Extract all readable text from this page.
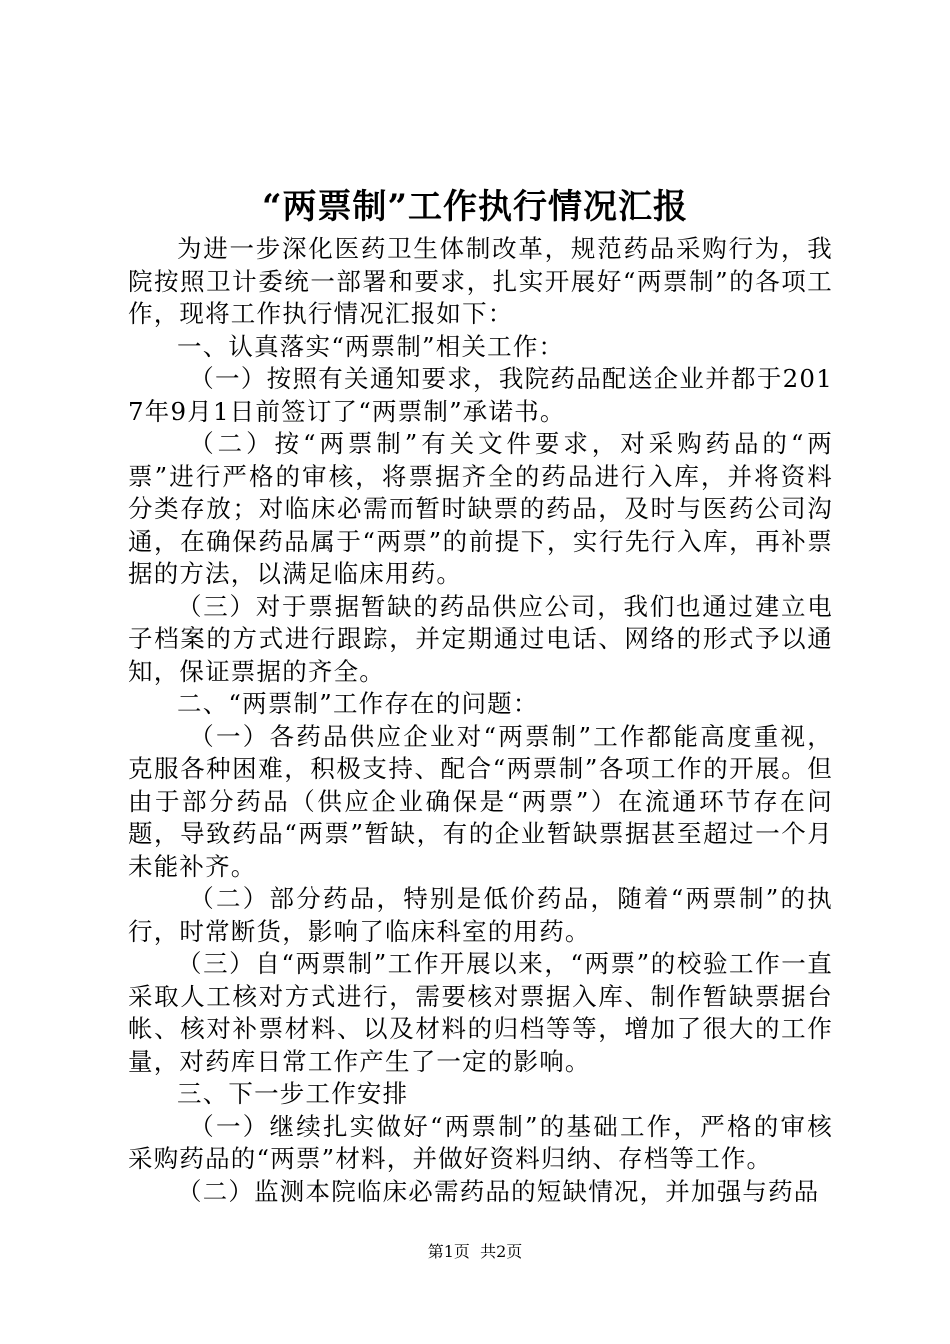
“两票制”工作执行情况汇报

为进一步深化医药卫生体制改革，规范药品采购行为，我院按照卫计委统一部署和要求，扎实开展好“两票制”的各项工作，现将工作执行情况汇报如下：

一、认真落实“两票制”相关工作：

（一）按照有关通知要求，我院药品配送企业并都于2017年9月1日前签订了“两票制”承诺书。

（二）按“两票制”有关文件要求，对采购药品的“两票”进行严格的审核，将票据齐全的药品进行入库，并将资料分类存放；对临床必需而暂时缺票的药品，及时与医药公司沟通，在确保药品属于“两票”的前提下，实行先行入库，再补票据的方法，以满足临床用药。

（三）对于票据暂缺的药品供应公司，我们也通过建立电子档案的方式进行跟踪，并定期通过电话、网络的形式予以通知，保证票据的齐全。

二、“两票制”工作存在的问题：

（一）各药品供应企业对“两票制”工作都能高度重视，克服各种困难，积极支持、配合“两票制”各项工作的开展。但由于部分药品（供应企业确保是“两票”）在流通环节存在问题，导致药品“两票”暂缺，有的企业暂缺票据甚至超过一个月未能补齐。

（二）部分药品，特别是低价药品，随着“两票制”的执行，时常断货，影响了临床科室的用药。

（三）自“两票制”工作开展以来，“两票”的校验工作一直采取人工核对方式进行，需要核对票据入库、制作暂缺票据台帐、核对补票材料、以及材料的归档等等，增加了很大的工作量，对药库日常工作产生了一定的影响。

三、下一步工作安排

（一）继续扎实做好“两票制”的基础工作，严格的审核采购药品的“两票”材料，并做好资料归纳、存档等工作。

（二）监测本院临床必需药品的短缺情况，并加强与药品

第1页 共2页
